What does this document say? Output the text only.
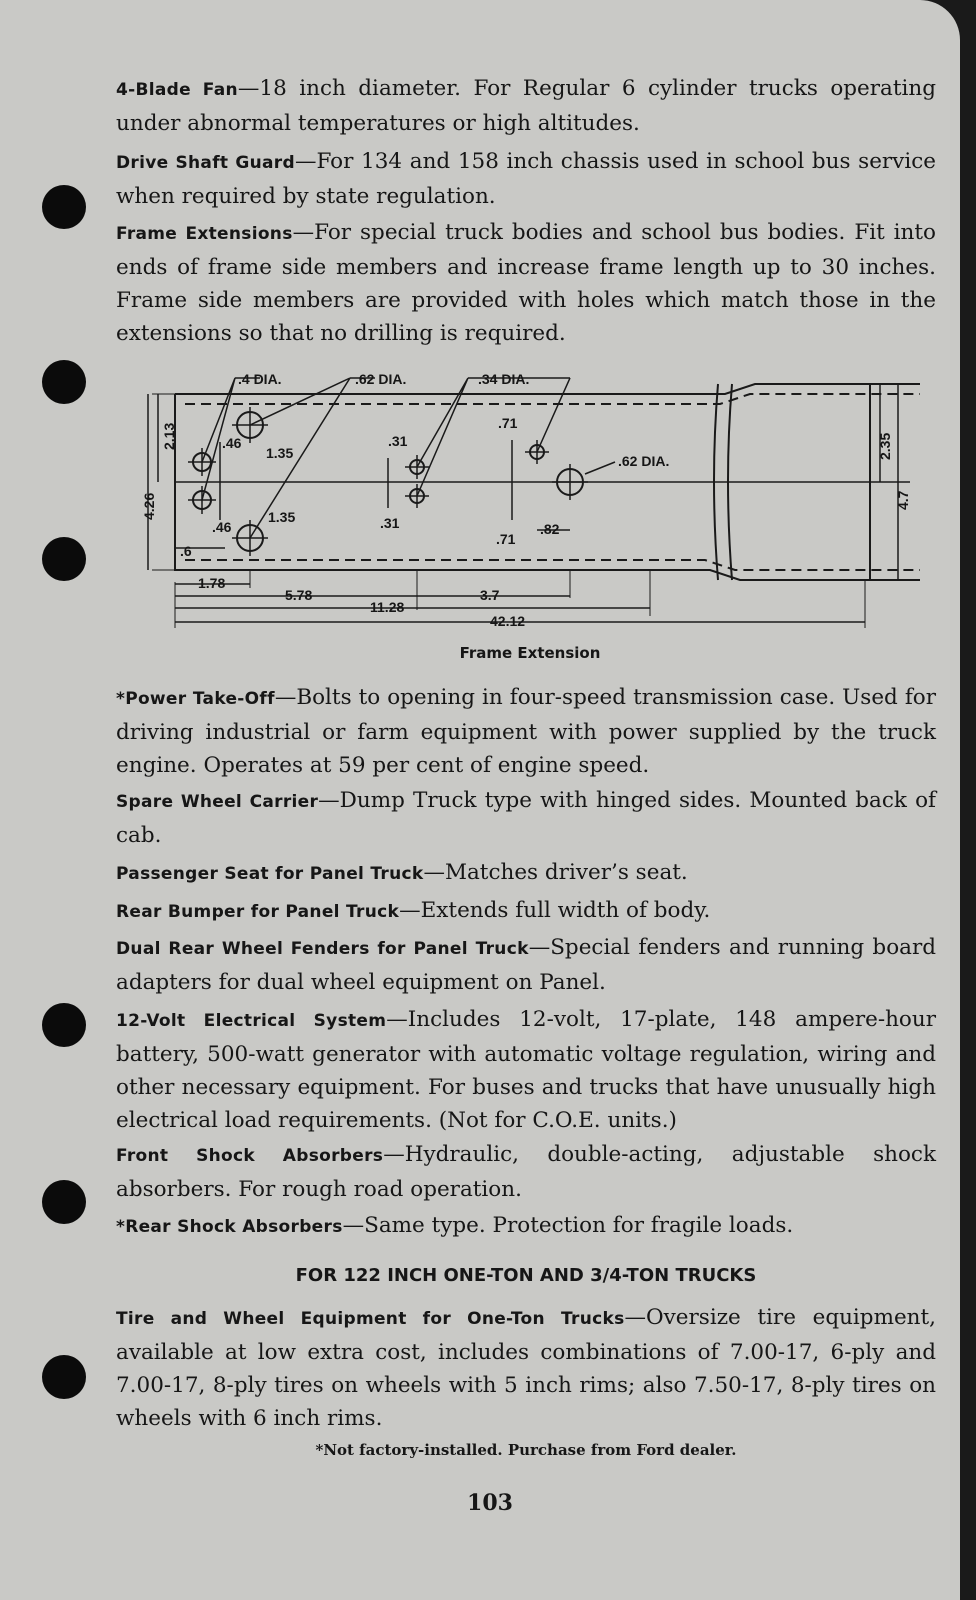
4-Blade Fan—18 inch diameter. For Regular 6 cylinder trucks operating under abnormal temperatures or high altitudes.
Drive Shaft Guard—For 134 and 158 inch chassis used in school bus service when required by state regulation.
Frame Extensions—For special truck bodies and school bus bodies. Fit into ends of frame side members and increase frame length up to 30 inches. Frame side members are provided with holes which match those in the extensions so that no drilling is required.
.4 DIA.	.62 DIA.	.34 DIA.
.62 DIA.
2.13
4.26
.46
.46
1.35
1.35
.31
.31
.71
.71
.82
.6
1.78
5.78
11.28
3.7
42.12
2.35
4.7
Frame Extension
*Power Take-Off—Bolts to opening in four-speed transmission case. Used for driving industrial or farm equipment with power supplied by the truck engine. Operates at 59 per cent of engine speed.
Spare Wheel Carrier—Dump Truck type with hinged sides. Mounted back of cab.
Passenger Seat for Panel Truck—Matches driver’s seat.
Rear Bumper for Panel Truck—Extends full width of body.
Dual Rear Wheel Fenders for Panel Truck—Special fenders and running board adapters for dual wheel equipment on Panel.
12-Volt Electrical System—Includes 12-volt, 17-plate, 148 ampere-hour battery, 500-watt generator with automatic voltage regulation, wiring and other necessary equipment. For buses and trucks that have unusually high electrical load requirements. (Not for C.O.E. units.)
Front Shock Absorbers—Hydraulic, double-acting, adjustable shock absorbers. For rough road operation.
*Rear Shock Absorbers—Same type. Protection for fragile loads.
FOR 122 INCH ONE-TON AND 3/4-TON TRUCKS
Tire and Wheel Equipment for One-Ton Trucks—Oversize tire equipment, available at low extra cost, includes combinations of 7.00-17, 6-ply and 7.00-17, 8-ply tires on wheels with 5 inch rims; also 7.50-17, 8-ply tires on wheels with 6 inch rims.
*Not factory-installed. Purchase from Ford dealer.
103
